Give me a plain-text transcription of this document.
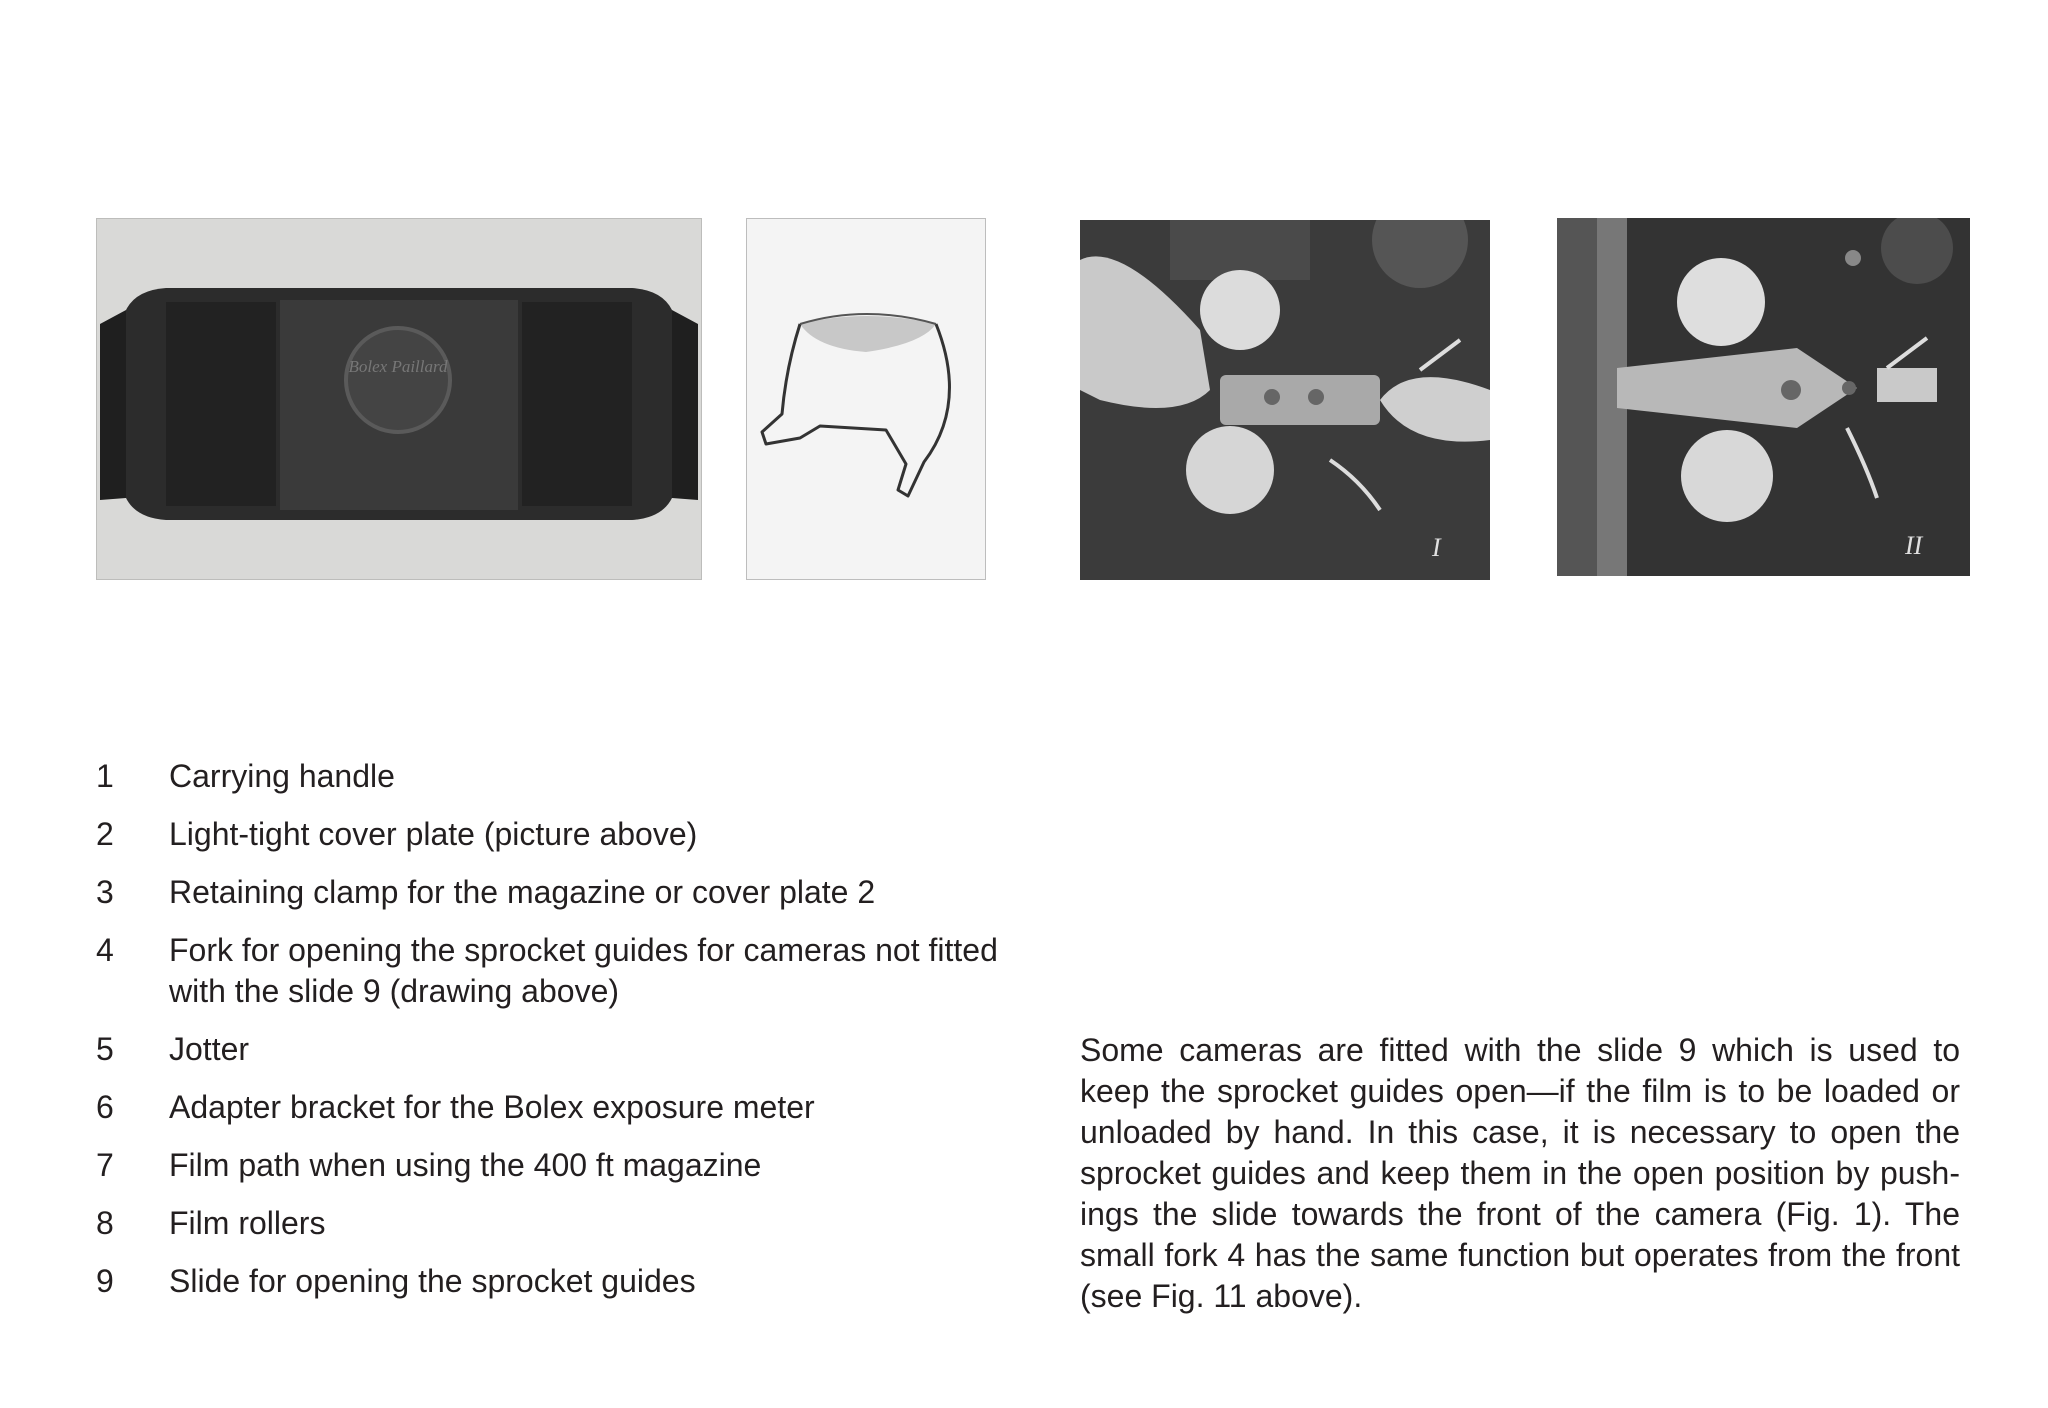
Bolex Paillard
I	II
1	Carrying handle
2	Light-tight cover plate (picture above)
3	Retaining clamp for the magazine or cover plate 2
4	Fork for opening the sprocket guides for cameras not fitted with the slide 9 (drawing above)
5	Jotter
6	Adapter bracket for the Bolex exposure meter
7	Film path when using the 400 ft magazine
8	Film rollers
9	Slide for opening the sprocket guides

Some cameras are fitted with the slide 9 which is used to keep the sprocket guides open—if the film is to be loaded or unloaded by hand. In this case, it is necessary to open the sprocket guides and keep them in the open position by pushings the slide towards the front of the camera (Fig. 1). The small fork 4 has the same function but operates from the front (see Fig. 11 above).
